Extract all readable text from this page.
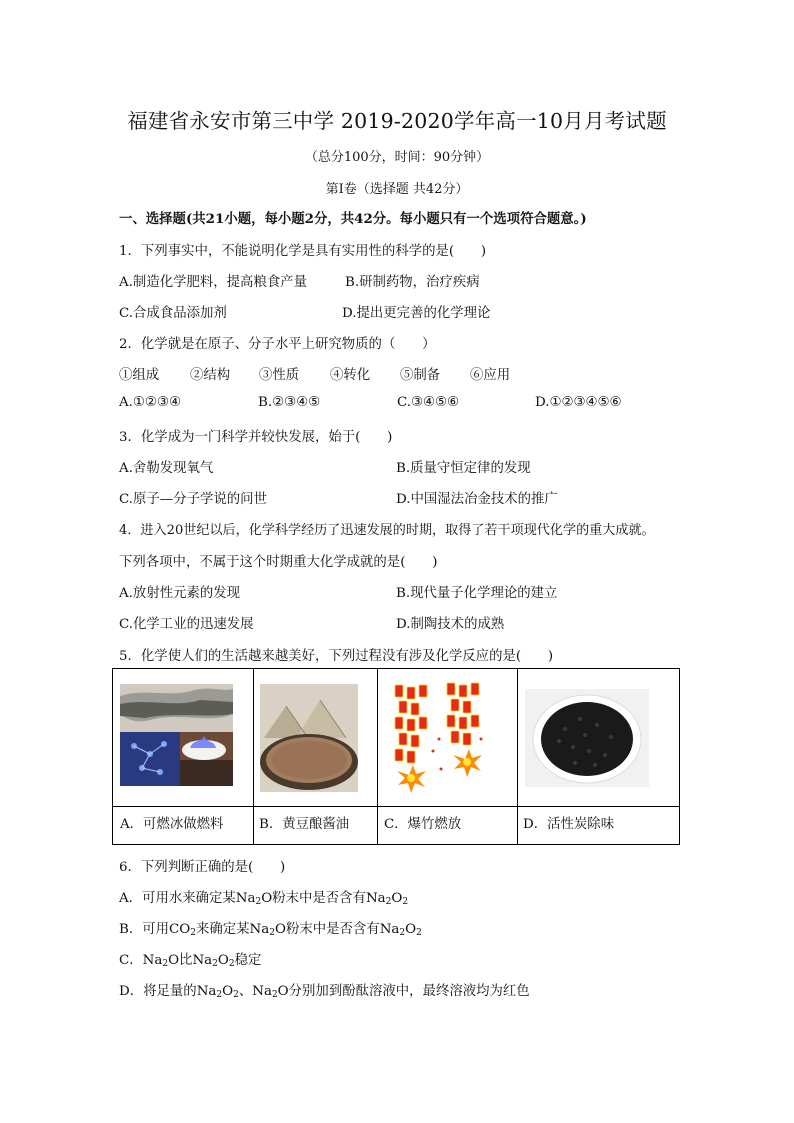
福建省永安市第三中学 2019-2020学年高一10月月考试题
（总分100分，时间：90分钟）
第Ⅰ卷（选择题 共42分）
一、选择题(共21小题，每小题2分，共42分。每小题只有一个选项符合题意。)
1．下列事实中，不能说明化学是具有实用性的科学的是(　　)
A.制造化学肥料，提高粮食产量	B.研制药物，治疗疾病
C.合成食品添加剂	D.提出更完善的化学理论
2．化学就是在原子、分子水平上研究物质的（　　）
①组成 ②结构 ③性质 ④转化 ⑤制备 ⑥应用
A.①②③④	B.②③④⑤	C.③④⑤⑥	D.①②③④⑤⑥
3．化学成为一门科学并较快发展，始于(　　)
A.舍勒发现氧气	B.质量守恒定律的发现
C.原子—分子学说的问世	D.中国湿法冶金技术的推广
4．进入20世纪以后，化学科学经历了迅速发展的时期，取得了若干项现代化学的重大成就。
下列各项中，不属于这个时期重大化学成就的是(　　)
A.放射性元素的发现	B.现代量子化学理论的建立
C.化学工业的迅速发展	D.制陶技术的成熟
5．化学使人们的生活越来越美好，下列过程没有涉及化学反应的是(　　)
A．可燃冰做燃料	B．黄豆酿酱油	C．爆竹燃放	D．活性炭除味
6．下列判断正确的是(　　)
A．可用水来确定某$Na_2O$粉末中是否含有$Na_2O_2$
B．可用$CO_2$来确定某$Na_2O$粉末中是否含有$Na_2O_2$
C．$Na_2O$比$Na_2O_2$稳定
D．将足量的$Na_2O_2$、$Na_2O$分别加到酚酞溶液中，最终溶液均为红色
